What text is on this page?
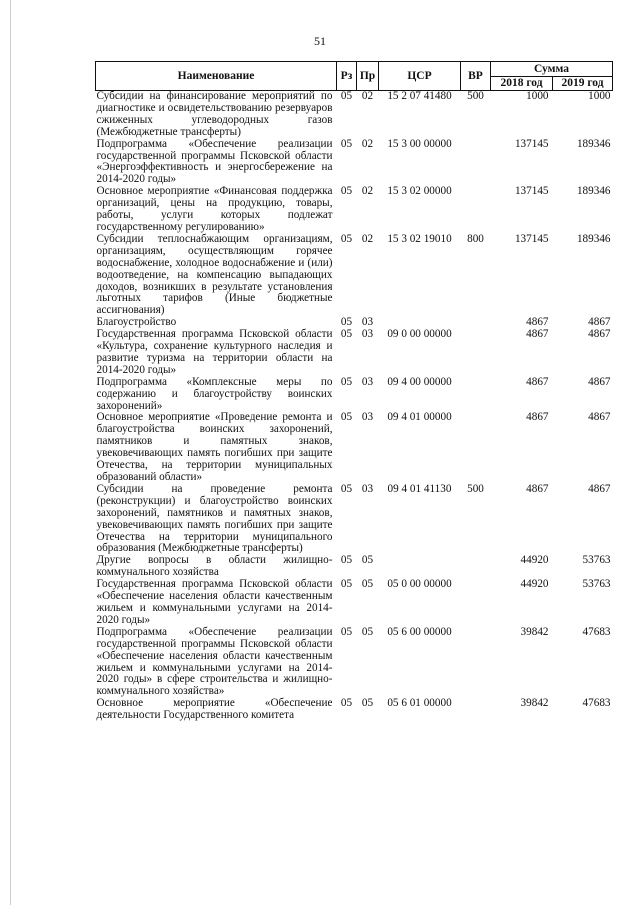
51
Наименование	Рз	Пр	ЦСР	ВР	Сумма	
					2018 год	2019 год
Субсидии на финансирование мероприятий по диагностике и освидетельствованию резервуаров сжиженных углеводородных газов (Межбюджетные трансферты)	05	02	15 2 07 41480	500	1000	1000
Подпрограмма «Обеспечение реализации государственной программы Псковской области «Энергоэффективность и энергосбережение на 2014-2020 годы»	05	02	15 3 00 00000		137145	189346
Основное мероприятие «Финансовая поддержка организаций, цены на продукцию, товары, работы, услуги которых подлежат государственному регулированию»	05	02	15 3 02 00000		137145	189346
Субсидии теплоснабжающим организациям, организациям, осуществляющим горячее водоснабжение, холодное водоснабжение и (или) водоотведение, на компенсацию выпадающих доходов, возникших в результате установления льготных тарифов (Иные бюджетные ассигнования)	05	02	15 3 02 19010	800	137145	189346
Благоустройство	05	03			4867	4867
Государственная программа Псковской области «Культура, сохранение культурного наследия и развитие туризма на территории области на 2014-2020 годы»	05	03	09 0 00 00000		4867	4867
Подпрограмма «Комплексные меры по содержанию и благоустройству воинских захоронений»	05	03	09 4 00 00000		4867	4867
Основное мероприятие «Проведение ремонта и благоустройства воинских захоронений, памятников и памятных знаков, увековечивающих память погибших при защите Отечества, на территории муниципальных образований области»	05	03	09 4 01 00000		4867	4867
Субсидии на проведение ремонта (реконструкции) и благоустройство воинских захоронений, памятников и памятных знаков, увековечивающих память погибших при защите Отечества на территории муниципального образования (Межбюджетные трансферты)	05	03	09 4 01 41130	500	4867	4867
Другие вопросы в области жилищно-коммунального хозяйства	05	05			44920	53763
Государственная программа Псковской области «Обеспечение населения области качественным жильем и коммунальными услугами на 2014-2020 годы»	05	05	05 0 00 00000		44920	53763
Подпрограмма «Обеспечение реализации государственной программы Псковской области «Обеспечение населения области качественным жильем и коммунальными услугами на 2014-2020 годы» в сфере строительства и жилищно-коммунального хозяйства»	05	05	05 6 00 00000		39842	47683
Основное мероприятие «Обеспечение деятельности Государственного комитета	05	05	05 6 01 00000		39842	47683
